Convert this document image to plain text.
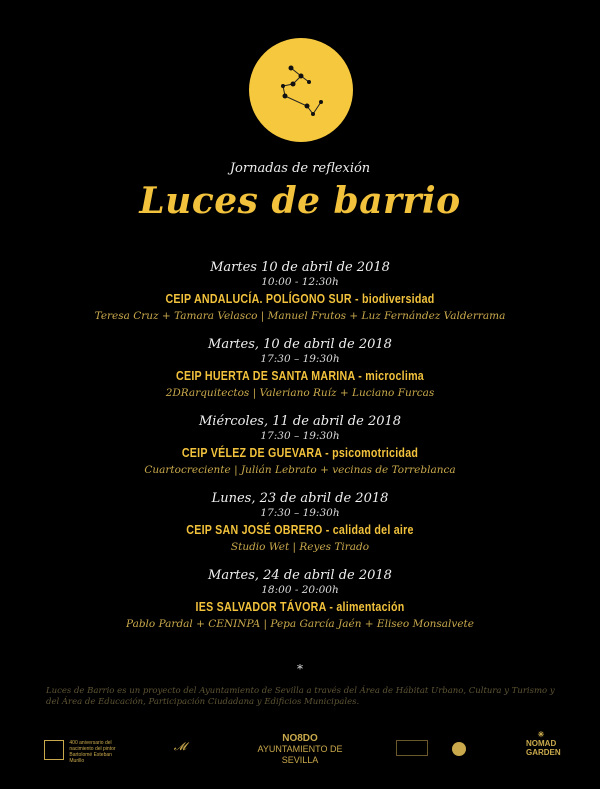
Jornadas de reflexión
Luces de barrio
Martes 10 de abril de 2018
10:00 - 12:30h
CEIP ANDALUCÍA. POLÍGONO SUR - biodiversidad
Teresa Cruz + Tamara Velasco | Manuel Frutos + Luz Fernández Valderrama
Martes, 10 de abril de 2018
17:30 – 19:30h
CEIP HUERTA DE SANTA MARINA - microclima
2DRarquitectos | Valeriano Ruíz + Luciano Furcas
Miércoles, 11 de abril de 2018
17:30 – 19:30h
CEIP VÉLEZ DE GUEVARA - psicomotricidad
Cuartocreciente | Julián Lebrato + vecinas de Torreblanca
Lunes, 23 de abril de 2018
17:30 – 19:30h
CEIP SAN JOSÉ OBRERO - calidad del aire
Studio Wet | Reyes Tirado
Martes, 24 de abril de 2018
18:00 - 20:00h
IES SALVADOR TÁVORA - alimentación
Pablo Pardal + CENINPA | Pepa García Jaén + Eliseo Monsalvete
*
Luces de Barrio es un proyecto del Ayuntamiento de Sevilla a través del Área de Hábitat Urbano, Cultura y Turismo y del Área de Educación, Participación Ciudadana y Edificios Municipales.
400 aniversario del nacimiento del pintor Bartolomé Esteban Murillo
𝓜
NO8DO
AYUNTAMIENTO DE SEVILLA

✳
NOMAD GARDEN
